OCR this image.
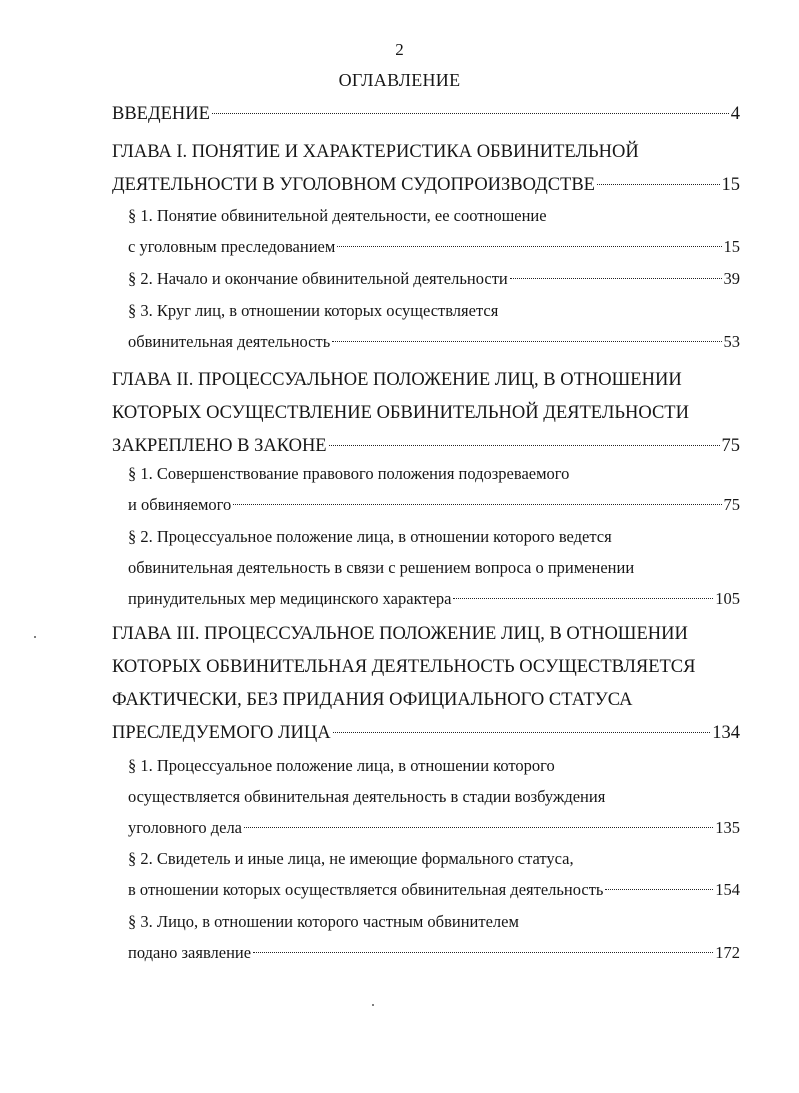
2
ОГЛАВЛЕНИЕ
ВВЕДЕНИЕ	4
ГЛАВА I. ПОНЯТИЕ И ХАРАКТЕРИСТИКА ОБВИНИТЕЛЬНОЙ
ДЕЯТЕЛЬНОСТИ В УГОЛОВНОМ СУДОПРОИЗВОДСТВЕ	15
§ 1. Понятие обвинительной деятельности, ее соотношение
с уголовным преследованием	15
§ 2. Начало и окончание обвинительной деятельности	39
§ 3. Круг лиц, в отношении которых осуществляется
обвинительная деятельность	53
ГЛАВА II. ПРОЦЕССУАЛЬНОЕ ПОЛОЖЕНИЕ ЛИЦ, В ОТНОШЕНИИ
КОТОРЫХ ОСУЩЕСТВЛЕНИЕ ОБВИНИТЕЛЬНОЙ ДЕЯТЕЛЬНОСТИ
ЗАКРЕПЛЕНО В ЗАКОНЕ	75
§ 1. Совершенствование правового положения подозреваемого
и обвиняемого	75
§ 2. Процессуальное положение лица, в отношении которого ведется
обвинительная деятельность в связи с решением вопроса о применении
принудительных мер медицинского характера	105
ГЛАВА III. ПРОЦЕССУАЛЬНОЕ ПОЛОЖЕНИЕ ЛИЦ, В ОТНОШЕНИИ
КОТОРЫХ ОБВИНИТЕЛЬНАЯ ДЕЯТЕЛЬНОСТЬ ОСУЩЕСТВЛЯЕТСЯ
ФАКТИЧЕСКИ, БЕЗ ПРИДАНИЯ ОФИЦИАЛЬНОГО СТАТУСА
ПРЕСЛЕДУЕМОГО ЛИЦА	134
§ 1. Процессуальное положение лица, в отношении которого
осуществляется обвинительная деятельность в стадии возбуждения
уголовного дела	135
§ 2. Свидетель и иные лица, не имеющие формального статуса,
в отношении которых осуществляется обвинительная деятельность	154
§ 3. Лицо, в отношении которого частным обвинителем
подано заявление	172
